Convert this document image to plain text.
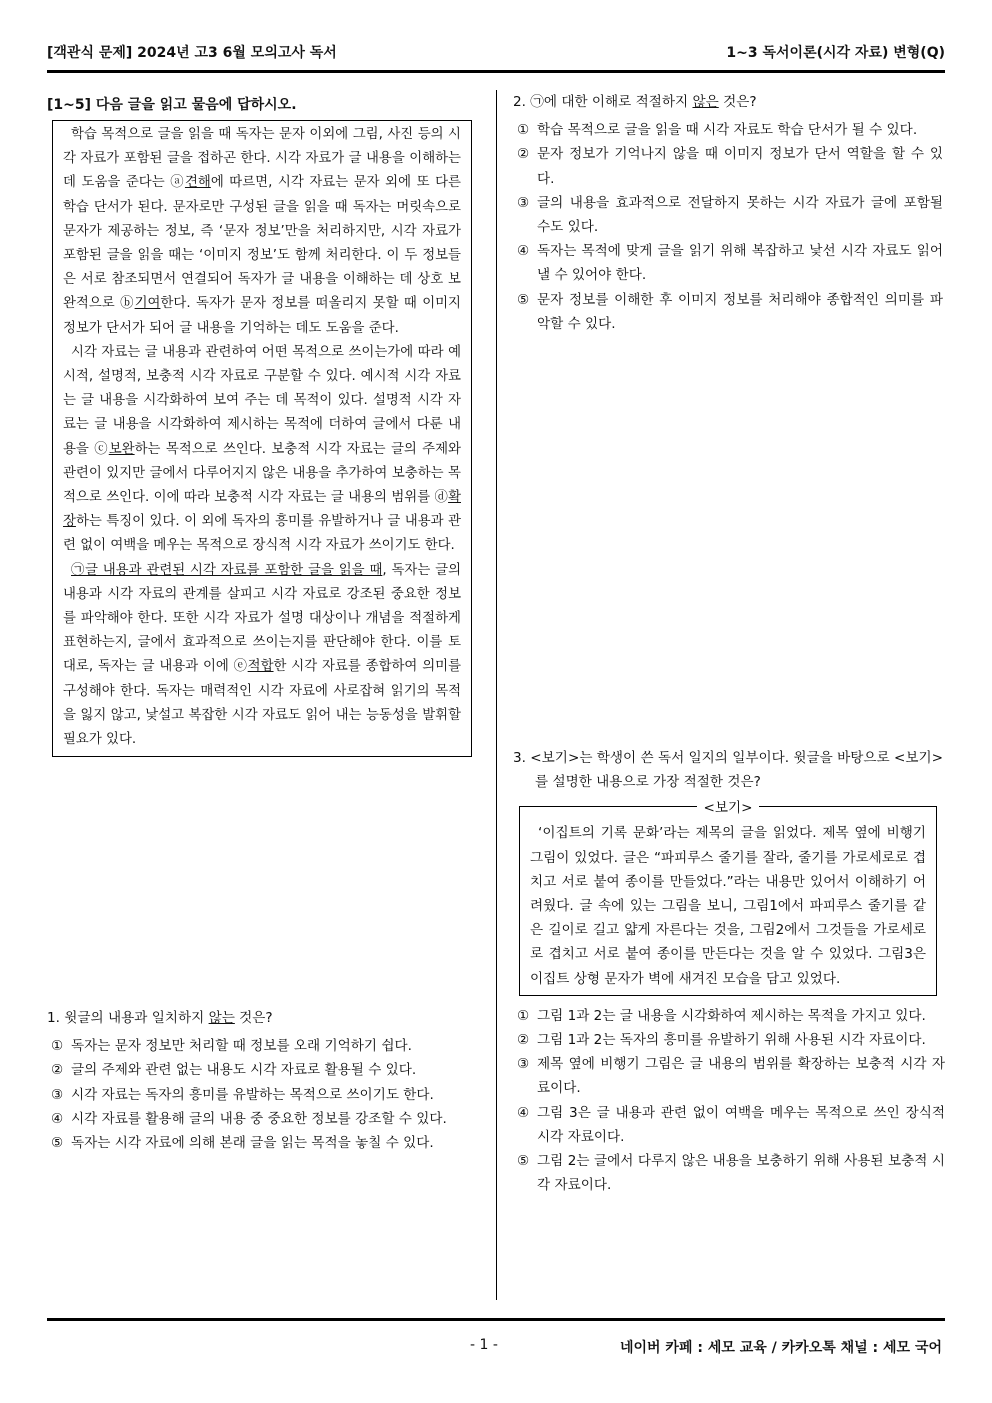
[객관식 문제] 2024년 고3 6월 모의고사 독서	1~3 독서이론(시각 자료) 변형(Q)
[1~5] 다음 글을 읽고 물음에 답하시오.

학습 목적으로 글을 읽을 때 독자는 문자 이외에 그림, 사진 등의 시각 자료가 포함된 글을 접하곤 한다. 시각 자료가 글 내용을 이해하는 데 도움을 준다는 ⓐ견해에 따르면, 시각 자료는 문자 외에 또 다른 학습 단서가 된다. 문자로만 구성된 글을 읽을 때 독자는 머릿속으로 문자가 제공하는 정보, 즉 ‘문자 정보’만을 처리하지만, 시각 자료가 포함된 글을 읽을 때는 ‘이미지 정보’도 함께 처리한다. 이 두 정보들은 서로 참조되면서 연결되어 독자가 글 내용을 이해하는 데 상호 보완적으로 ⓑ기여한다. 독자가 문자 정보를 떠올리지 못할 때 이미지 정보가 단서가 되어 글 내용을 기억하는 데도 도움을 준다.

시각 자료는 글 내용과 관련하여 어떤 목적으로 쓰이는가에 따라 예시적, 설명적, 보충적 시각 자료로 구분할 수 있다. 예시적 시각 자료는 글 내용을 시각화하여 보여 주는 데 목적이 있다. 설명적 시각 자료는 글 내용을 시각화하여 제시하는 목적에 더하여 글에서 다룬 내용을 ⓒ보완하는 목적으로 쓰인다. 보충적 시각 자료는 글의 주제와 관련이 있지만 글에서 다루어지지 않은 내용을 추가하여 보충하는 목적으로 쓰인다. 이에 따라 보충적 시각 자료는 글 내용의 범위를 ⓓ확장하는 특징이 있다. 이 외에 독자의 흥미를 유발하거나 글 내용과 관련 없이 여백을 메우는 목적으로 장식적 시각 자료가 쓰이기도 한다.

㉠글 내용과 관련된 시각 자료를 포함한 글을 읽을 때, 독자는 글의 내용과 시각 자료의 관계를 살피고 시각 자료로 강조된 중요한 정보를 파악해야 한다. 또한 시각 자료가 설명 대상이나 개념을 적절하게 표현하는지, 글에서 효과적으로 쓰이는지를 판단해야 한다. 이를 토대로, 독자는 글 내용과 이에 ⓔ적합한 시각 자료를 종합하여 의미를 구성해야 한다. 독자는 매력적인 시각 자료에 사로잡혀 읽기의 목적을 잃지 않고, 낯설고 복잡한 시각 자료도 읽어 내는 능동성을 발휘할 필요가 있다.

1. 윗글의 내용과 일치하지 않는 것은?

① 독자는 문자 정보만 처리할 때 정보를 오래 기억하기 쉽다.
② 글의 주제와 관련 없는 내용도 시각 자료로 활용될 수 있다.
③ 시각 자료는 독자의 흥미를 유발하는 목적으로 쓰이기도 한다.
④ 시각 자료를 활용해 글의 내용 중 중요한 정보를 강조할 수 있다.
⑤ 독자는 시각 자료에 의해 본래 글을 읽는 목적을 놓칠 수 있다.

2. ㉠에 대한 이해로 적절하지 않은 것은?

① 학습 목적으로 글을 읽을 때 시각 자료도 학습 단서가 될 수 있다.
② 문자 정보가 기억나지 않을 때 이미지 정보가 단서 역할을 할 수 있다.
③ 글의 내용을 효과적으로 전달하지 못하는 시각 자료가 글에 포함될 수도 있다.
④ 독자는 목적에 맞게 글을 읽기 위해 복잡하고 낯선 시각 자료도 읽어낼 수 있어야 한다.
⑤ 문자 정보를 이해한 후 이미지 정보를 처리해야 종합적인 의미를 파악할 수 있다.

3. <보기>는 학생이 쓴 독서 일지의 일부이다. 윗글을 바탕으로 <보기>를 설명한 내용으로 가장 적절한 것은?

<보기>

‘이집트의 기록 문화’라는 제목의 글을 읽었다. 제목 옆에 비행기 그림이 있었다. 글은 “파피루스 줄기를 잘라, 줄기를 가로세로로 겹치고 서로 붙여 종이를 만들었다.”라는 내용만 있어서 이해하기 어려웠다. 글 속에 있는 그림을 보니, 그림1에서 파피루스 줄기를 같은 길이로 길고 얇게 자른다는 것을, 그림2에서 그것들을 가로세로로 겹치고 서로 붙여 종이를 만든다는 것을 알 수 있었다. 그림3은 이집트 상형 문자가 벽에 새겨진 모습을 담고 있었다.

① 그림 1과 2는 글 내용을 시각화하여 제시하는 목적을 가지고 있다.
② 그림 1과 2는 독자의 흥미를 유발하기 위해 사용된 시각 자료이다.
③ 제목 옆에 비행기 그림은 글 내용의 범위를 확장하는 보충적 시각 자료이다.
④ 그림 3은 글 내용과 관련 없이 여백을 메우는 목적으로 쓰인 장식적 시각 자료이다.
⑤ 그림 2는 글에서 다루지 않은 내용을 보충하기 위해 사용된 보충적 시각 자료이다.
- 1 -	네이버 카페 : 세모 교육 / 카카오톡 채널 : 세모 국어
